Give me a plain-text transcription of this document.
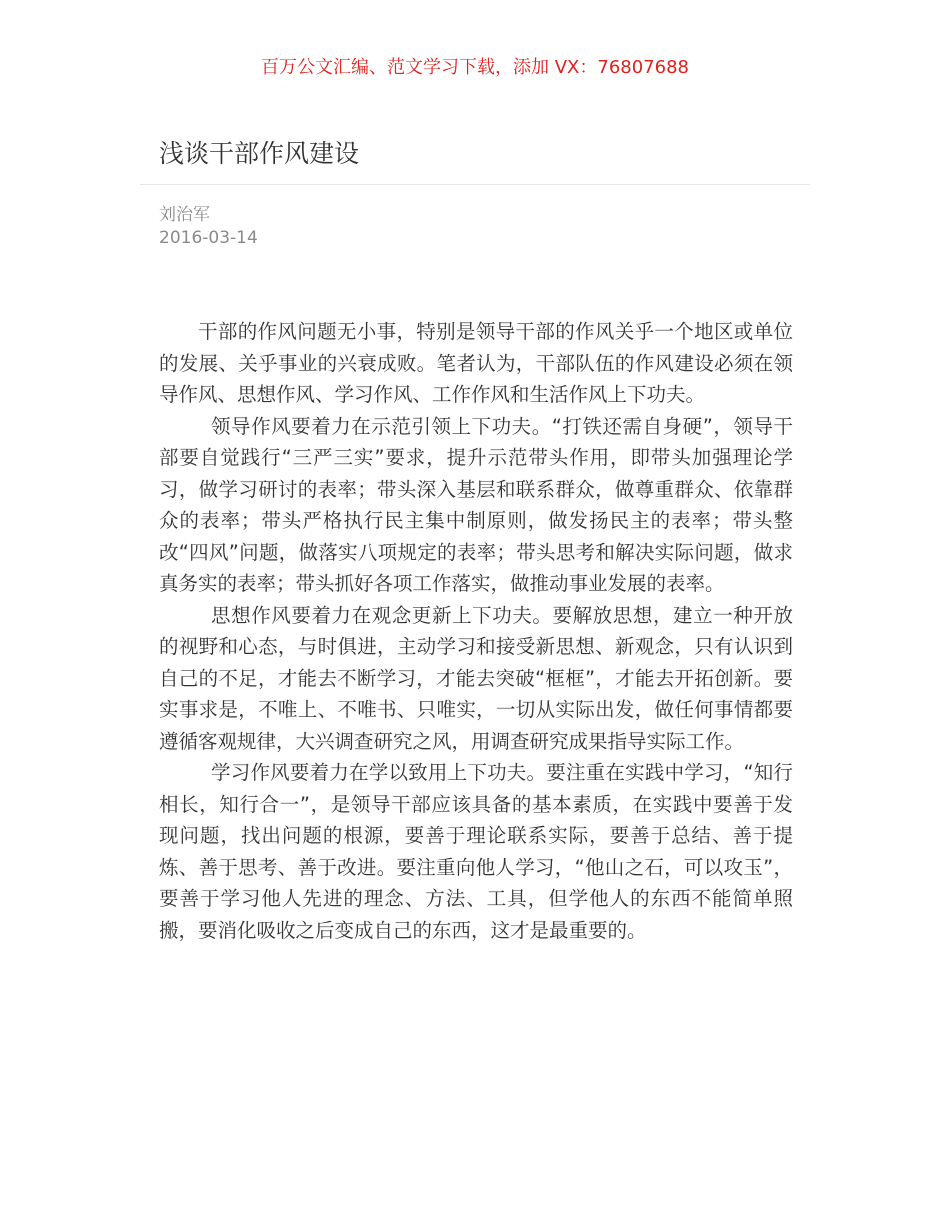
百万公文汇编、范文学习下载，添加 VX：76807688
浅谈干部作风建设
刘治军
2016-03-14

干部的作风问题无小事，特别是领导干部的作风关乎一个地区或单位的发展、关乎事业的兴衰成败。笔者认为，干部队伍的作风建设必须在领导作风、思想作风、学习作风、工作作风和生活作风上下功夫。

领导作风要着力在示范引领上下功夫。“打铁还需自身硬”，领导干部要自觉践行“三严三实”要求，提升示范带头作用，即带头加强理论学习，做学习研讨的表率；带头深入基层和联系群众，做尊重群众、依靠群众的表率；带头严格执行民主集中制原则，做发扬民主的表率；带头整改“四风”问题，做落实八项规定的表率；带头思考和解决实际问题，做求真务实的表率；带头抓好各项工作落实，做推动事业发展的表率。

思想作风要着力在观念更新上下功夫。要解放思想，建立一种开放的视野和心态，与时俱进，主动学习和接受新思想、新观念，只有认识到自己的不足，才能去不断学习，才能去突破“框框”，才能去开拓创新。要实事求是，不唯上、不唯书、只唯实，一切从实际出发，做任何事情都要遵循客观规律，大兴调查研究之风，用调查研究成果指导实际工作。

学习作风要着力在学以致用上下功夫。要注重在实践中学习，“知行相长，知行合一”，是领导干部应该具备的基本素质，在实践中要善于发现问题，找出问题的根源，要善于理论联系实际，要善于总结、善于提炼、善于思考、善于改进。要注重向他人学习，“他山之石，可以攻玉”，要善于学习他人先进的理念、方法、工具，但学他人的东西不能简单照搬，要消化吸收之后变成自己的东西，这才是最重要的。
